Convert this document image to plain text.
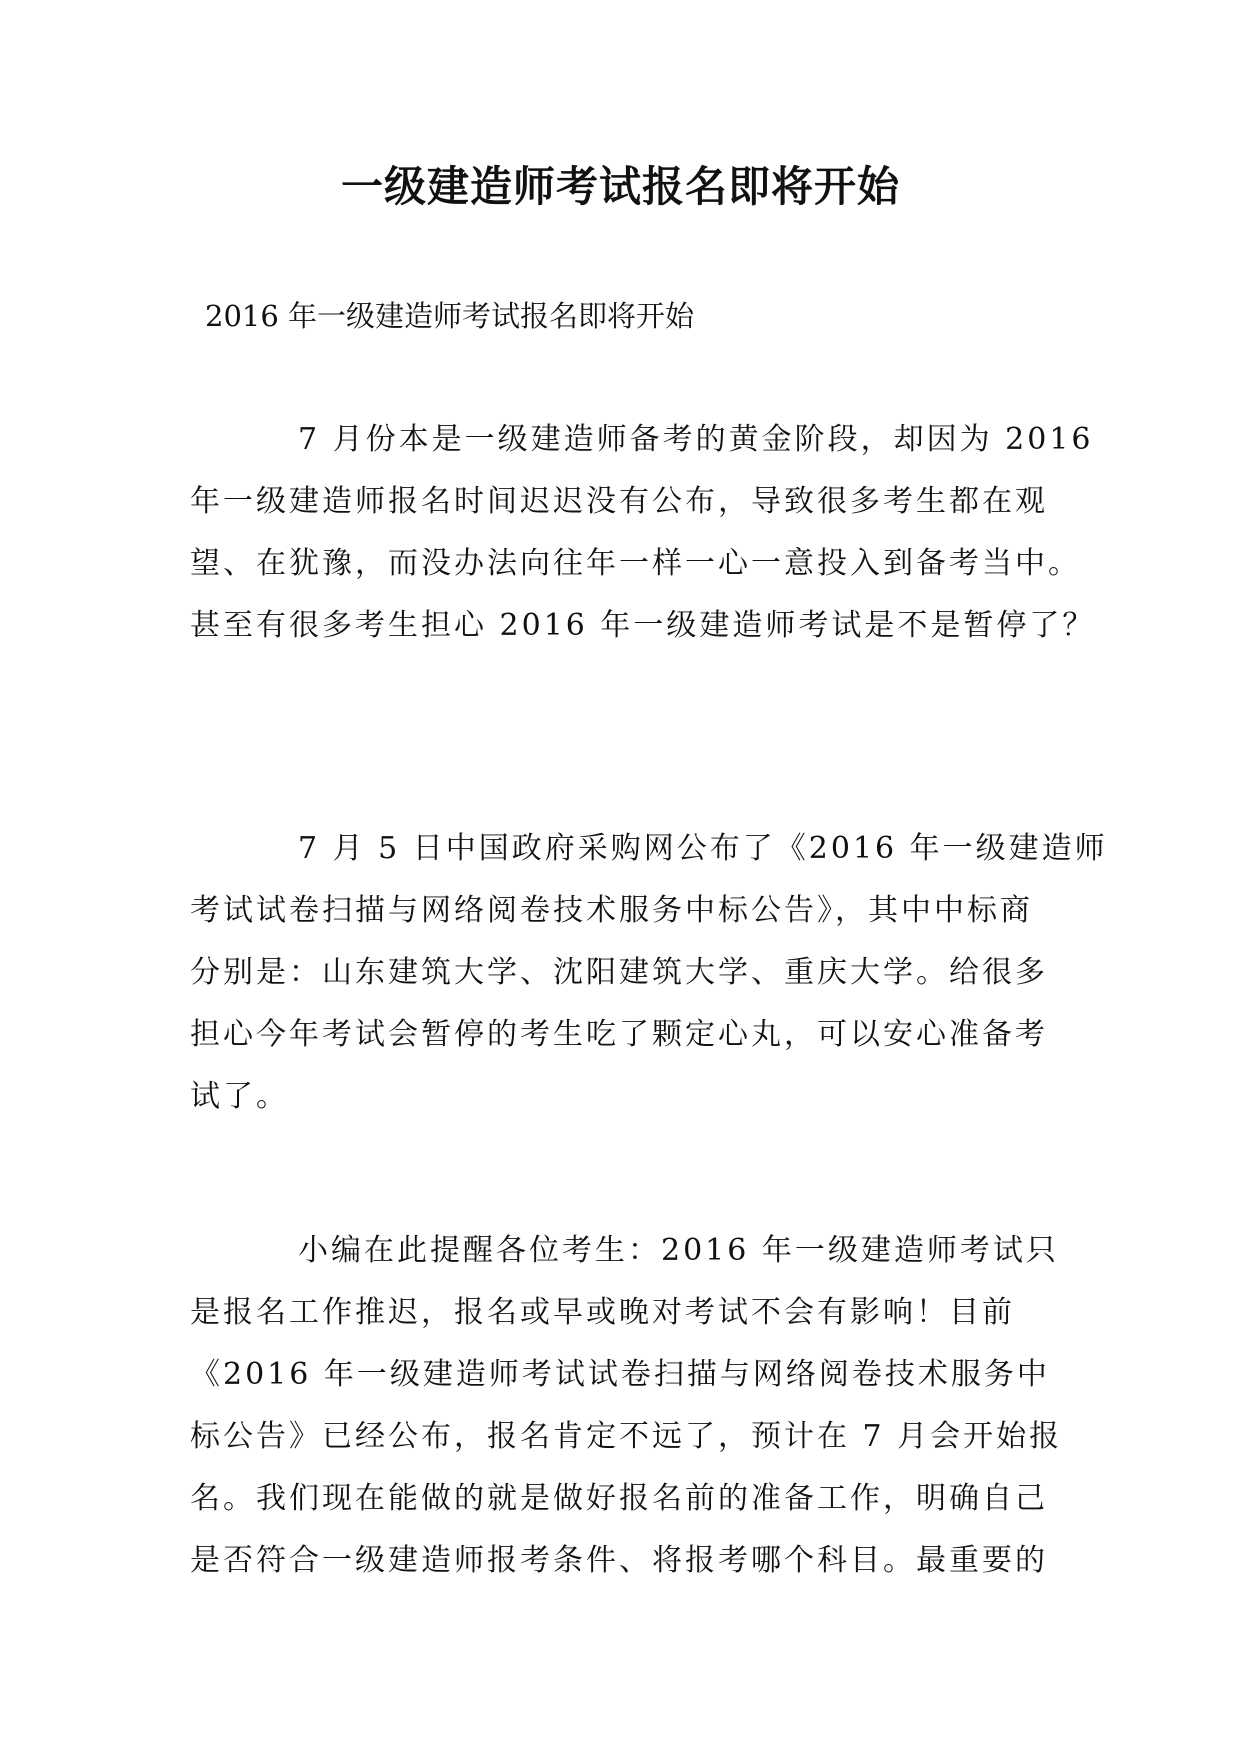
一级建造师考试报名即将开始

2016 年一级建造师考试报名即将开始

7 月份本是一级建造师备考的黄金阶段，却因为 2016
年一级建造师报名时间迟迟没有公布，导致很多考生都在观
望、在犹豫，而没办法向往年一样一心一意投入到备考当中。
甚至有很多考生担心 2016 年一级建造师考试是不是暂停了？
7 月 5 日中国政府采购网公布了《2016 年一级建造师
考试试卷扫描与网络阅卷技术服务中标公告》，其中中标商
分别是：山东建筑大学、沈阳建筑大学、重庆大学。给很多
担心今年考试会暂停的考生吃了颗定心丸，可以安心准备考
试了。
小编在此提醒各位考生：2016 年一级建造师考试只
是报名工作推迟，报名或早或晚对考试不会有影响！目前
《2016 年一级建造师考试试卷扫描与网络阅卷技术服务中
标公告》已经公布，报名肯定不远了，预计在 7 月会开始报
名。我们现在能做的就是做好报名前的准备工作，明确自己
是否符合一级建造师报考条件、将报考哪个科目。最重要的
